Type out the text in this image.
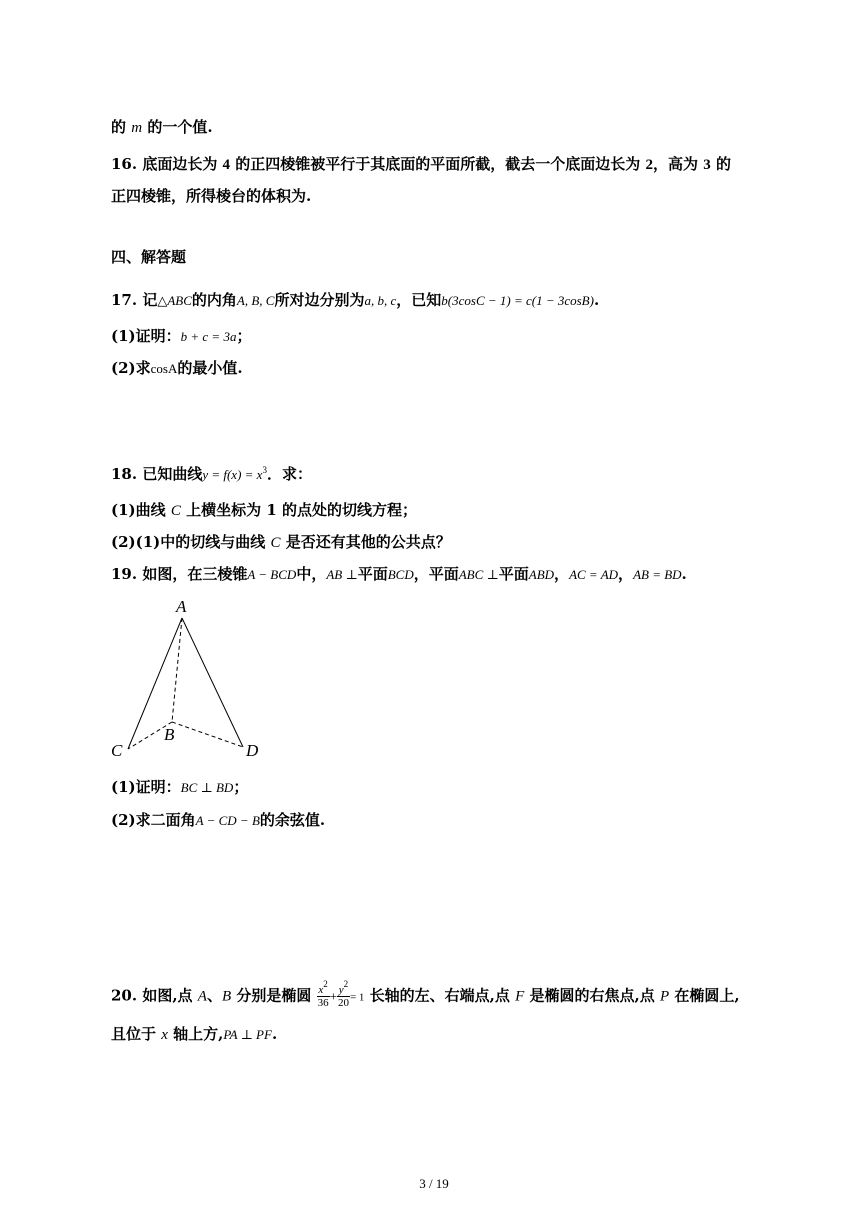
的 m 的一个值.
16. 底面边长为 4 的正四棱锥被平行于其底面的平面所截，截去一个底面边长为 2，高为 3 的
正四棱锥，所得棱台的体积为.
四、解答题
17. 记△ABC的内角A, B, C所对边分别为a, b, c，已知b(3cosC − 1) = c(1 − 3cosB).
(1)证明：b + c = 3a；
(2)求cosA的最小值.
18. 已知曲线$y = f(x) = x^3$．求：
(1)曲线 C 上横坐标为 1 的点处的切线方程；
(2)(1)中的切线与曲线 C 是否还有其他的公共点？
19. 如图，在三棱锥A − BCD中，AB ⊥平面BCD，平面ABC ⊥平面ABD，AC = AD，AB = BD.
A
B
C	D
(1)证明：BC ⊥ BD；
(2)求二面角A − CD − B的余弦值.
20. 如图,点 A、B 分别是椭圆 $\frac{x^2}{36} + \frac{y^2}{20} = 1$ 长轴的左、右端点,点 F 是椭圆的右焦点,点 P 在椭圆上,
且位于 x 轴上方,PA ⊥ PF.
3 / 19
